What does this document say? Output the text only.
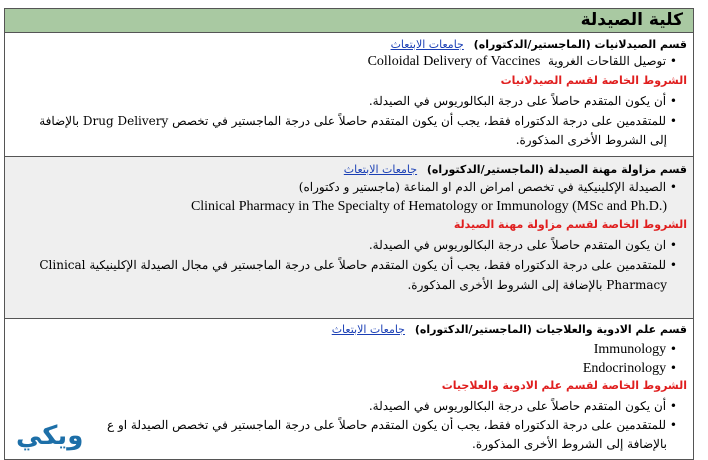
كلية الصيدلة
قسم الصيدلانيات (الماجستير/الدكتوراه) جامعات الابتعاث
• توصيل اللقاحات الغروية  Colloidal Delivery of Vaccines
الشروط الخاصة لقسم الصيدلانيات
• أن يكون المتقدم حاصلاً على درجة البكالوريوس في الصيدلة.
• للمتقدمين على درجة الدكتوراه فقط، يجب أن يكون المتقدم حاصلاً على درجة الماجستير في تخصص Drug Delivery بالإضافة
إلى الشروط الأخرى المذكورة.
قسم مزاولة مهنة الصيدلة (الماجستير/الدكتوراه) جامعات الابتعاث
• الصيدلة الإكلينيكية في تخصص امراض الدم او المناعة (ماجستير و دكتوراه)
Clinical Pharmacy in The Specialty of Hematology or Immunology (MSc and Ph.D.)
الشروط الخاصة لقسم مزاولة مهنة الصيدلة
• ان يكون المتقدم حاصلاً على درجة البكالوريوس في الصيدلة.
• للمتقدمين على درجة الدكتوراه فقط، يجب أن يكون المتقدم حاصلاً على درجة الماجستير في مجال الصيدلة الإكلينيكية Clinical
Pharmacy بالإضافة إلى الشروط الأخرى المذكورة.
قسم علم الادوية والعلاجيات (الماجستير/الدكتوراه) جامعات الابتعاث
• Immunology
• Endocrinology
الشروط الخاصة لقسم علم الادوية والعلاجيات
• أن يكون المتقدم حاصلاً على درجة البكالوريوس في الصيدلة.
• للمتقدمين على درجة الدكتوراه فقط، يجب أن يكون المتقدم حاصلاً على درجة الماجستير في تخصص الصيدلة او ع
بالإضافة إلى الشروط الأخرى المذكورة.
ويكي
